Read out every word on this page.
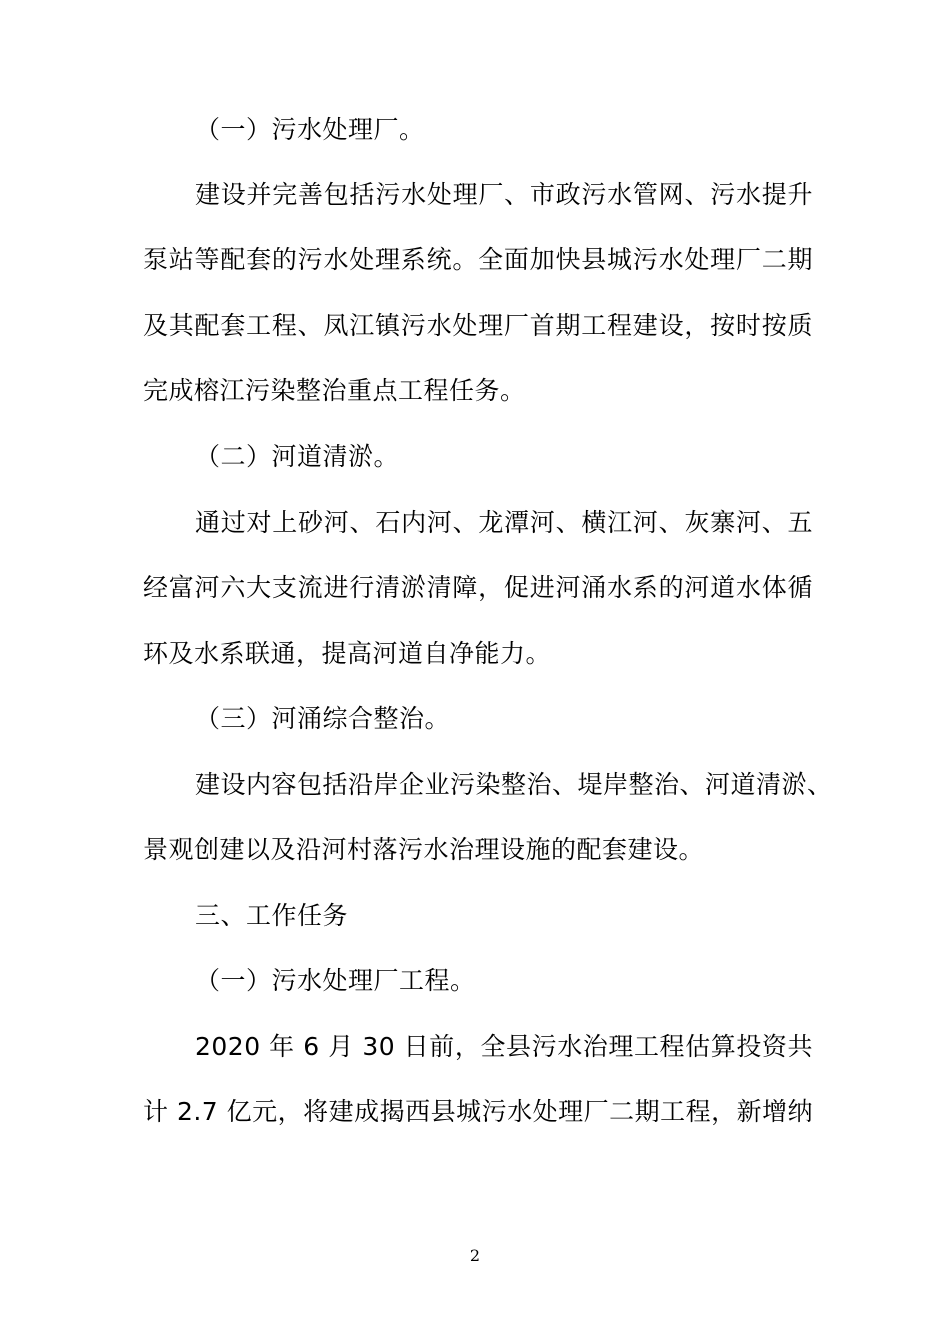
（一）污水处理厂。
建设并完善包括污水处理厂、市政污水管网、污水提升
泵站等配套的污水处理系统。全面加快县城污水处理厂二期
及其配套工程、凤江镇污水处理厂首期工程建设，按时按质
完成榕江污染整治重点工程任务。
（二）河道清淤。
通过对上砂河、石内河、龙潭河、横江河、灰寨河、五
经富河六大支流进行清淤清障，促进河涌水系的河道水体循
环及水系联通，提高河道自净能力。
（三）河涌综合整治。
建设内容包括沿岸企业污染整治、堤岸整治、河道清淤、
景观创建以及沿河村落污水治理设施的配套建设。
三、工作任务
（一）污水处理厂工程。
2020 年 6 月 30 日前，全县污水治理工程估算投资共
计 2.7 亿元，将建成揭西县城污水处理厂二期工程，新增纳
2
